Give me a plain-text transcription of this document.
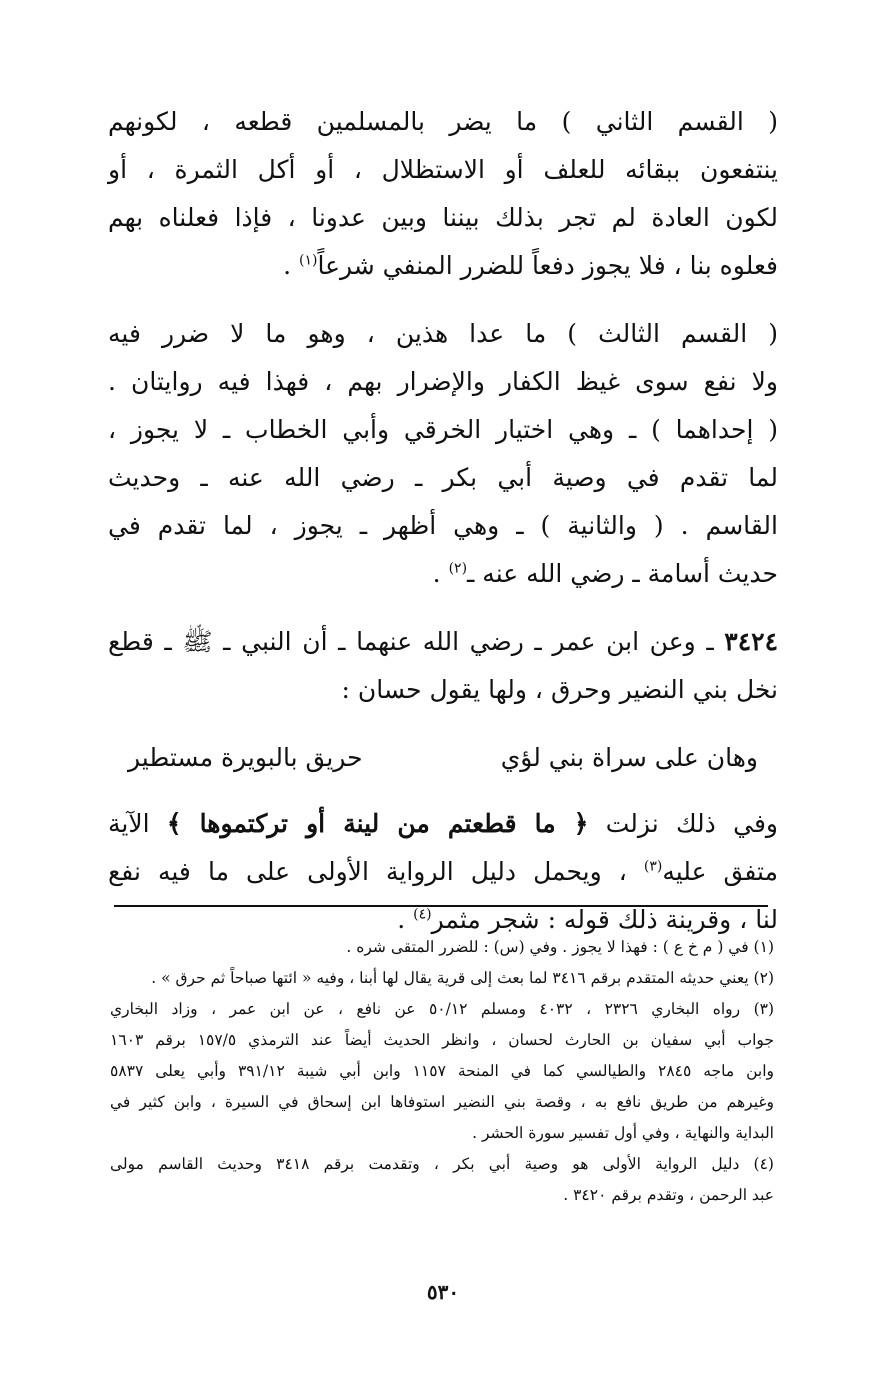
( القسم الثاني ) ما يضر بالمسلمين قطعه ، لكونهم
ينتفعون ببقائه للعلف أو الاستظلال ، أو أكل الثمرة ، أو
لكون العادة لم تجر بذلك بيننا وبين عدونا ، فإذا فعلناه بهم
فعلوه بنا ، فلا يجوز دفعاً للضرر المنفي شرعاً$^{(١)}$ .
( القسم الثالث ) ما عدا هذين ، وهو ما لا ضرر فيه
ولا نفع سوى غيظ الكفار والإضرار بهم ، فهذا فيه روايتان .
( إحداهما ) ـ وهي اختيار الخرقي وأبي الخطاب ـ لا يجوز ،
لما تقدم في وصية أبي بكر ـ رضي الله عنه ـ وحديث
القاسم . ( والثانية ) ـ وهي أظهر ـ يجوز ، لما تقدم في
حديث أسامة ـ رضي الله عنه ـ$^{(٢)}$ .
٣٤٢٤ ـ وعن ابن عمر ـ رضي الله عنهما ـ أن النبي ـ ﷺ ـ قطع
نخل بني النضير وحرق ، ولها يقول حسان :
وهان على سراة بني لؤي
حريق بالبويرة مستطير
وفي ذلك نزلت ﴿ ما قطعتم من لينة أو تركتموها ﴾ الآية
متفق عليه$^{(٣)}$ ، ويحمل دليل الرواية الأولى على ما فيه نفع
لنا ، وقرينة ذلك قوله : شجر مثمر$^{(٤)}$ .
(١) في ( م خ ع ) : فهذا لا يجوز . وفي (س) : للضرر المتقى شره .
(٢) يعني حديثه المتقدم برقم ٣٤١٦ لما بعث إلى قرية يقال لها أبنا ، وفيه « ائتها صباحاً ثم حرق » .
(٣) رواه البخاري ٢٣٢٦ ، ٤٠٣٢ ومسلم ٥٠/١٢ عن نافع ، عن ابن عمر ، وزاد البخاري
جواب أبي سفيان بن الحارث لحسان ، وانظر الحديث أيضاً عند الترمذي ١٥٧/٥ برقم ١٦٠٣
وابن ماجه ٢٨٤٥ والطيالسي كما في المنحة ١١٥٧ وابن أبي شيبة ٣٩١/١٢ وأبي يعلى ٥٨٣٧
وغيرهم من طريق نافع به ، وقصة بني النضير استوفاها ابن إسحاق في السيرة ، وابن كثير في
البداية والنهاية ، وفي أول تفسير سورة الحشر .
(٤) دليل الرواية الأولى هو وصية أبي بكر ، وتقدمت برقم ٣٤١٨ وحديث القاسم مولى
عبد الرحمن ، وتقدم برقم ٣٤٢٠ .
٥٣٠
